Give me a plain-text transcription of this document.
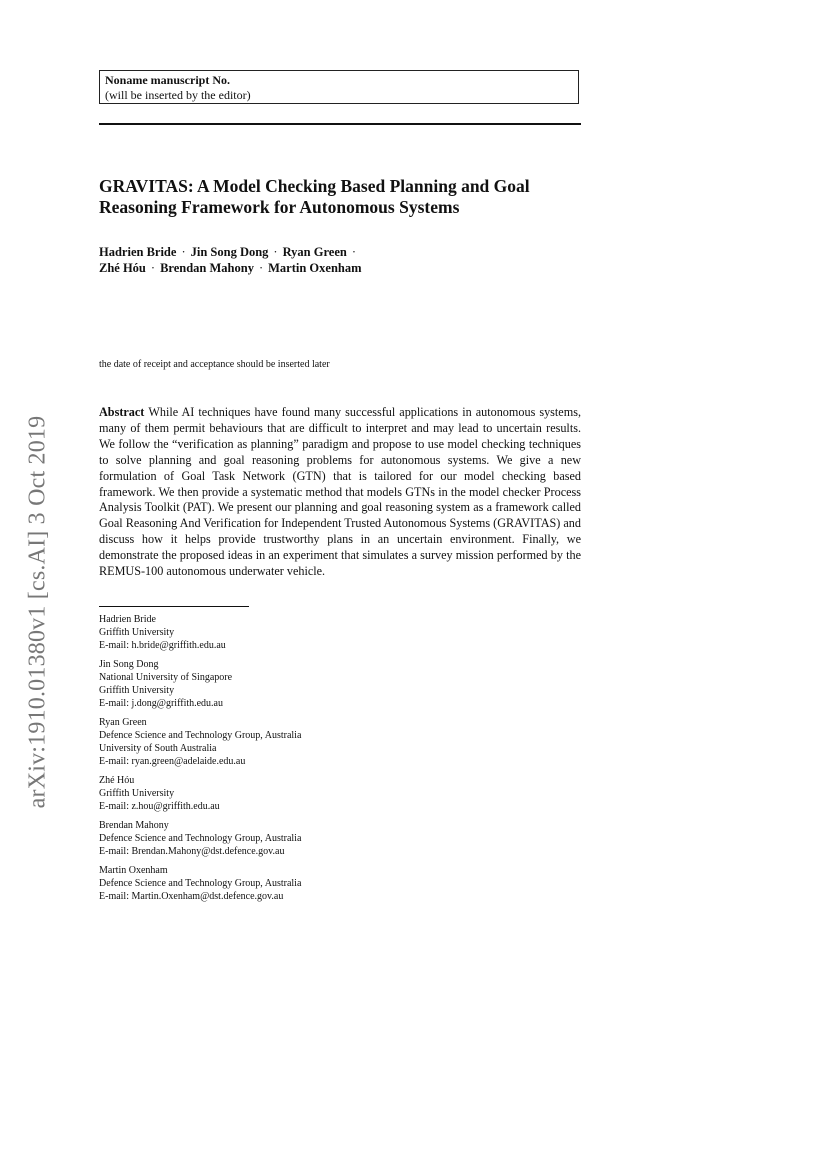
Noname manuscript No.
(will be inserted by the editor)
GRAVITAS: A Model Checking Based Planning and Goal Reasoning Framework for Autonomous Systems
Hadrien Bride · Jin Song Dong · Ryan Green ·
Zhé Hóu · Brendan Mahony · Martin Oxenham
the date of receipt and acceptance should be inserted later

Abstract While AI techniques have found many successful applications in autonomous systems, many of them permit behaviours that are difficult to interpret and may lead to uncertain results. We follow the “verification as planning” paradigm and propose to use model checking techniques to solve planning and goal reasoning problems for autonomous systems. We give a new formulation of Goal Task Network (GTN) that is tailored for our model checking based framework. We then provide a systematic method that models GTNs in the model checker Process Analysis Toolkit (PAT). We present our planning and goal reasoning system as a framework called Goal Reasoning And Verification for Independent Trusted Autonomous Systems (GRAVITAS) and discuss how it helps provide trustworthy plans in an uncertain environment. Finally, we demonstrate the proposed ideas in an experiment that simulates a survey mission performed by the REMUS-100 autonomous underwater vehicle.

Hadrien Bride
Griffith University
E-mail: h.bride@griffith.edu.au
Jin Song Dong
National University of Singapore
Griffith University
E-mail: j.dong@griffith.edu.au
Ryan Green
Defence Science and Technology Group, Australia
University of South Australia
E-mail: ryan.green@adelaide.edu.au
Zhé Hóu
Griffith University
E-mail: z.hou@griffith.edu.au
Brendan Mahony
Defence Science and Technology Group, Australia
E-mail: Brendan.Mahony@dst.defence.gov.au
Martin Oxenham
Defence Science and Technology Group, Australia
E-mail: Martin.Oxenham@dst.defence.gov.au
arXiv:1910.01380v1 [cs.AI] 3 Oct 2019
